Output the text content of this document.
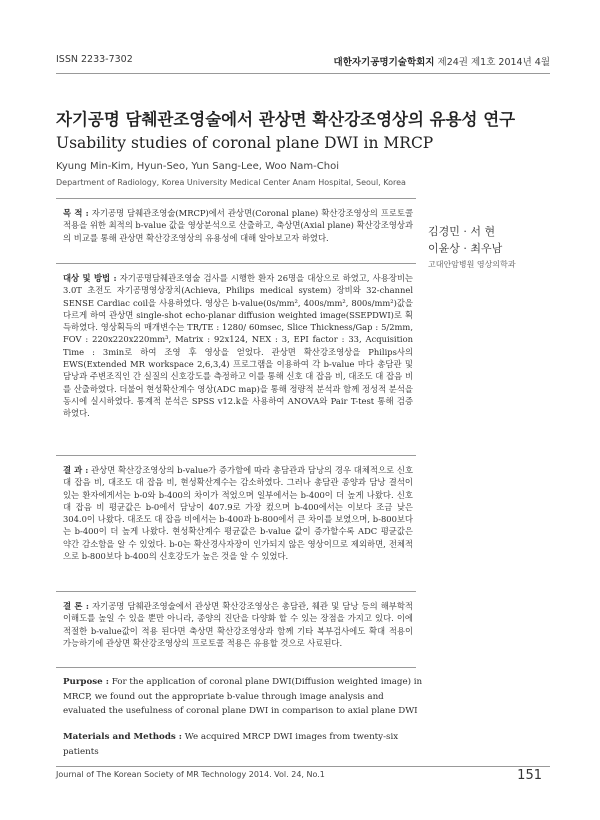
ISSN 2233-7302	대한자기공명기술학회지 제24권 제1호 2014년 4월
자기공명 담췌관조영술에서 관상면 확산강조영상의 유용성 연구
Usability studies of coronal plane DWI in MRCP
Kyung Min-Kim, Hyun-Seo, Yun Sang-Lee, Woo Nam-Choi
Department of Radiology, Korea University Medical Center Anam Hospital, Seoul, Korea

목 적 : 자기공명 담췌관조영술(MRCP)에서 관상면(Coronal plane) 확산강조영상의 프로토콜 적용을 위한 최적의 b-value 값을 영상분석으로 산출하고, 축상면(Axial plane) 확산강조영상과의 비교를 통해 관상면 확산강조영상의 유용성에 대해 알아보고자 하였다.	김경민 · 서 현
이윤상 · 최우남
고대안암병원 영상의학과

대상 및 방법 : 자기공명담췌관조영술 검사를 시행한 환자 26명을 대상으로 하였고, 사용장비는 3.0T 초전도 자기공명영상장치(Achieva, Philips medical system) 장비와 32-channel SENSE Cardiac coil을 사용하였다. 영상은 b-value(0s/mm², 400s/mm², 800s/mm²)값을 다르게 하여 관상면 single-shot echo-planar diffusion weighted image(SSEPDWI)로 획득하였다. 영상획득의 매개변수는 TR/TE : 1280/ 60msec, Slice Thickness/Gap : 5/2mm, FOV : 220x220x220mm³, Matrix : 92x124, NEX : 3, EPI factor : 33, Acquisition Time : 3min로 하여 조영 후 영상을 얻었다. 관상면 확산강조영상을 Philips사의 EWS(Extended MR workspace 2,6,3,4) 프로그램을 이용하여 각 b-value 마다 총담관 및 담낭과 주변조직인 간 실질의 신호강도를 측정하고 이를 통해 신호 대 잡음 비, 대조도 대 잡음 비를 산출하였다. 더불어 현성확산계수 영상(ADC map)을 통해 정량적 분석과 함께 정성적 분석을 동시에 실시하였다. 통계적 분석은 SPSS v12.k을 사용하여 ANOVA와 Pair T-test 통해 검증하였다.

결 과 : 관상면 확산강조영상의 b-value가 증가함에 따라 총담관과 담낭의 경우 대체적으로 신호 대 잡음 비, 대조도 대 잡음 비, 현성확산계수는 감소하였다. 그러나 총담관 종양과 담낭 결석이 있는 환자에게서는 b-0와 b-400의 차이가 적었으며 일부에서는 b-400이 더 높게 나왔다. 신호 대 잡음 비 평균값은 b-0에서 담낭이 407.9로 가장 컸으며 b-400에서는 이보다 조금 낮은 304.0이 나왔다. 대조도 대 잡음 비에서는 b-400과 b-800에서 큰 차이를 보였으며, b-800보다는 b-400이 더 높게 나왔다. 현성확산계수 평균값은 b-value 값이 증가할수록 ADC 평균값은 약간 감소함을 알 수 있었다. b-0는 확산경사자장이 인가되지 않은 영상이므로 제외하면, 전체적으로 b-800보다 b-400의 신호강도가 높은 것을 알 수 있었다.

결 론 : 자기공명 담췌관조영술에서 관상면 확산강조영상은 총담관, 췌관 및 담낭 등의 해부학적 이해도를 높일 수 있을 뿐만 아니라, 종양의 진단을 다양화 할 수 있는 장점을 가지고 있다. 이에 적절한 b-value값이 적용 된다면 축상면 확산강조영상과 함께 기타 복부검사에도 확대 적용이 가능하기에 관상면 확산강조영상의 프로토콜 적용은 유용할 것으로 사료된다.

Purpose : For the application of coronal plane DWI(Diffusion weighted image) in MRCP, we found out the appropriate b-value through image analysis and evaluated the usefulness of coronal plane DWI in comparison to axial plane DWI

Materials and Methods : We acquired MRCP DWI images from twenty-six patients

Journal of The Korean Society of MR Technology 2014. Vol. 24, No.1	151
